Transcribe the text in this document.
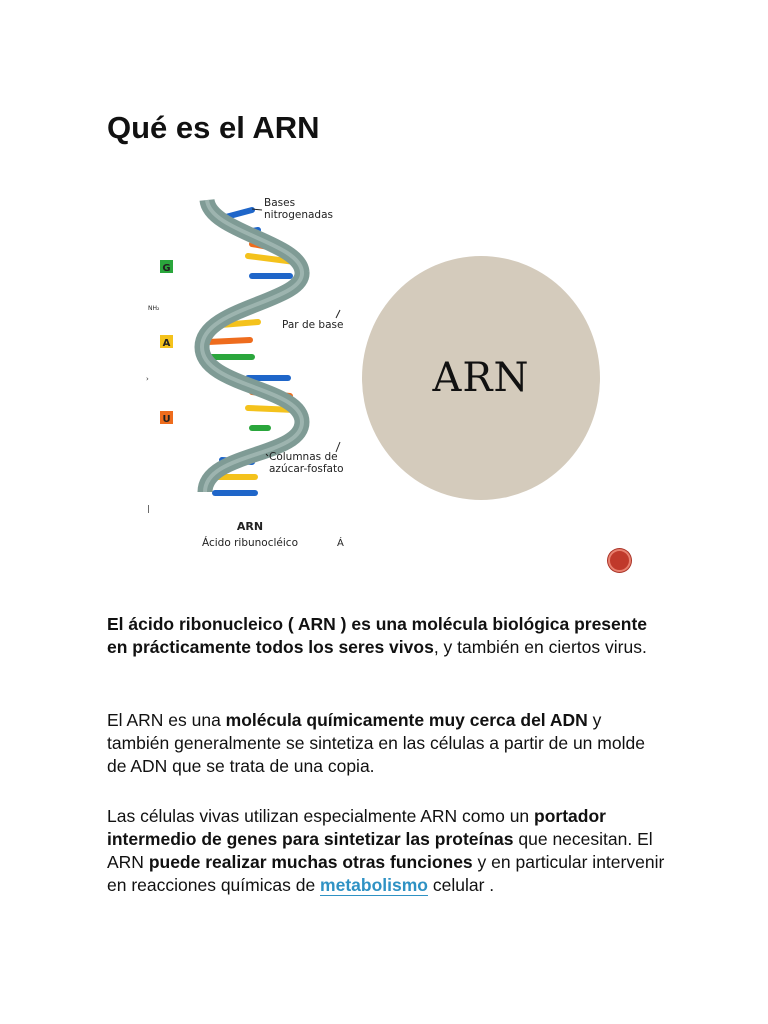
Qué es el ARN
G
A
U
NH₂
›
|
Bases
nitrogenadas
Par de base
Columnas de
azúcar-fosfato
ARN
Ácido ribunocléico	Á
ARN

El ácido ribonucleico ( ARN ) es una molécula biológica presente en prácticamente todos los seres vivos, y también en ciertos virus.

El ARN es una molécula químicamente muy cerca del ADN y también generalmente se sintetiza en las células a partir de un molde de ADN que se trata de una copia.

Las células vivas utilizan especialmente ARN como un portador intermedio de genes para sintetizar las proteínas que necesitan. El ARN puede realizar muchas otras funciones y en particular intervenir en reacciones químicas de metabolismo celular .
